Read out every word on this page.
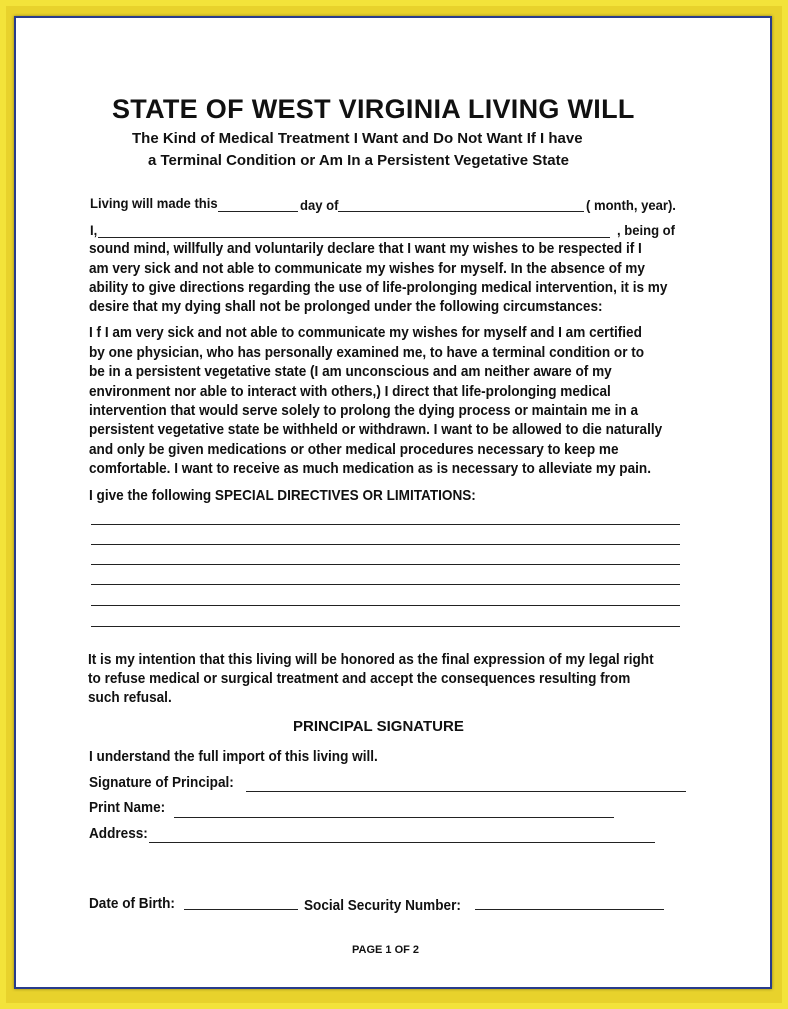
STATE OF WEST VIRGINIA LIVING WILL
The Kind of Medical Treatment I Want and Do Not Want If I have
a Terminal Condition or Am In a Persistent Vegetative State
Living will made this	day of	( month, year).
I,	, being of
sound mind, willfully and voluntarily declare that I want my wishes to be respected if I
am very sick and not able to communicate my wishes for myself. In the absence of my
ability to give directions regarding the use of life-prolonging medical intervention, it is my
desire that my dying shall not be prolonged under the following circumstances:
I f I am very sick and not able to communicate my wishes for myself and I am certified
by one physician, who has personally examined me, to have a terminal condition or to
be in a persistent vegetative state (I am unconscious and am neither aware of my
environment nor able to interact with others,) I direct that life-prolonging medical
intervention that would serve solely to prolong the dying process or maintain me in a
persistent vegetative state be withheld or withdrawn. I want to be allowed to die naturally
and only be given medications or other medical procedures necessary to keep me
comfortable. I want to receive as much medication as is necessary to alleviate my pain.
I give the following SPECIAL DIRECTIVES OR LIMITATIONS:
It is my intention that this living will be honored as the final expression of my legal right
to refuse medical or surgical treatment and accept the consequences resulting from
such refusal.
PRINCIPAL SIGNATURE
I understand the full import of this living will.
Signature of Principal:
Print Name:
Address:
Date of Birth:	Social Security Number:
PAGE 1 OF 2
